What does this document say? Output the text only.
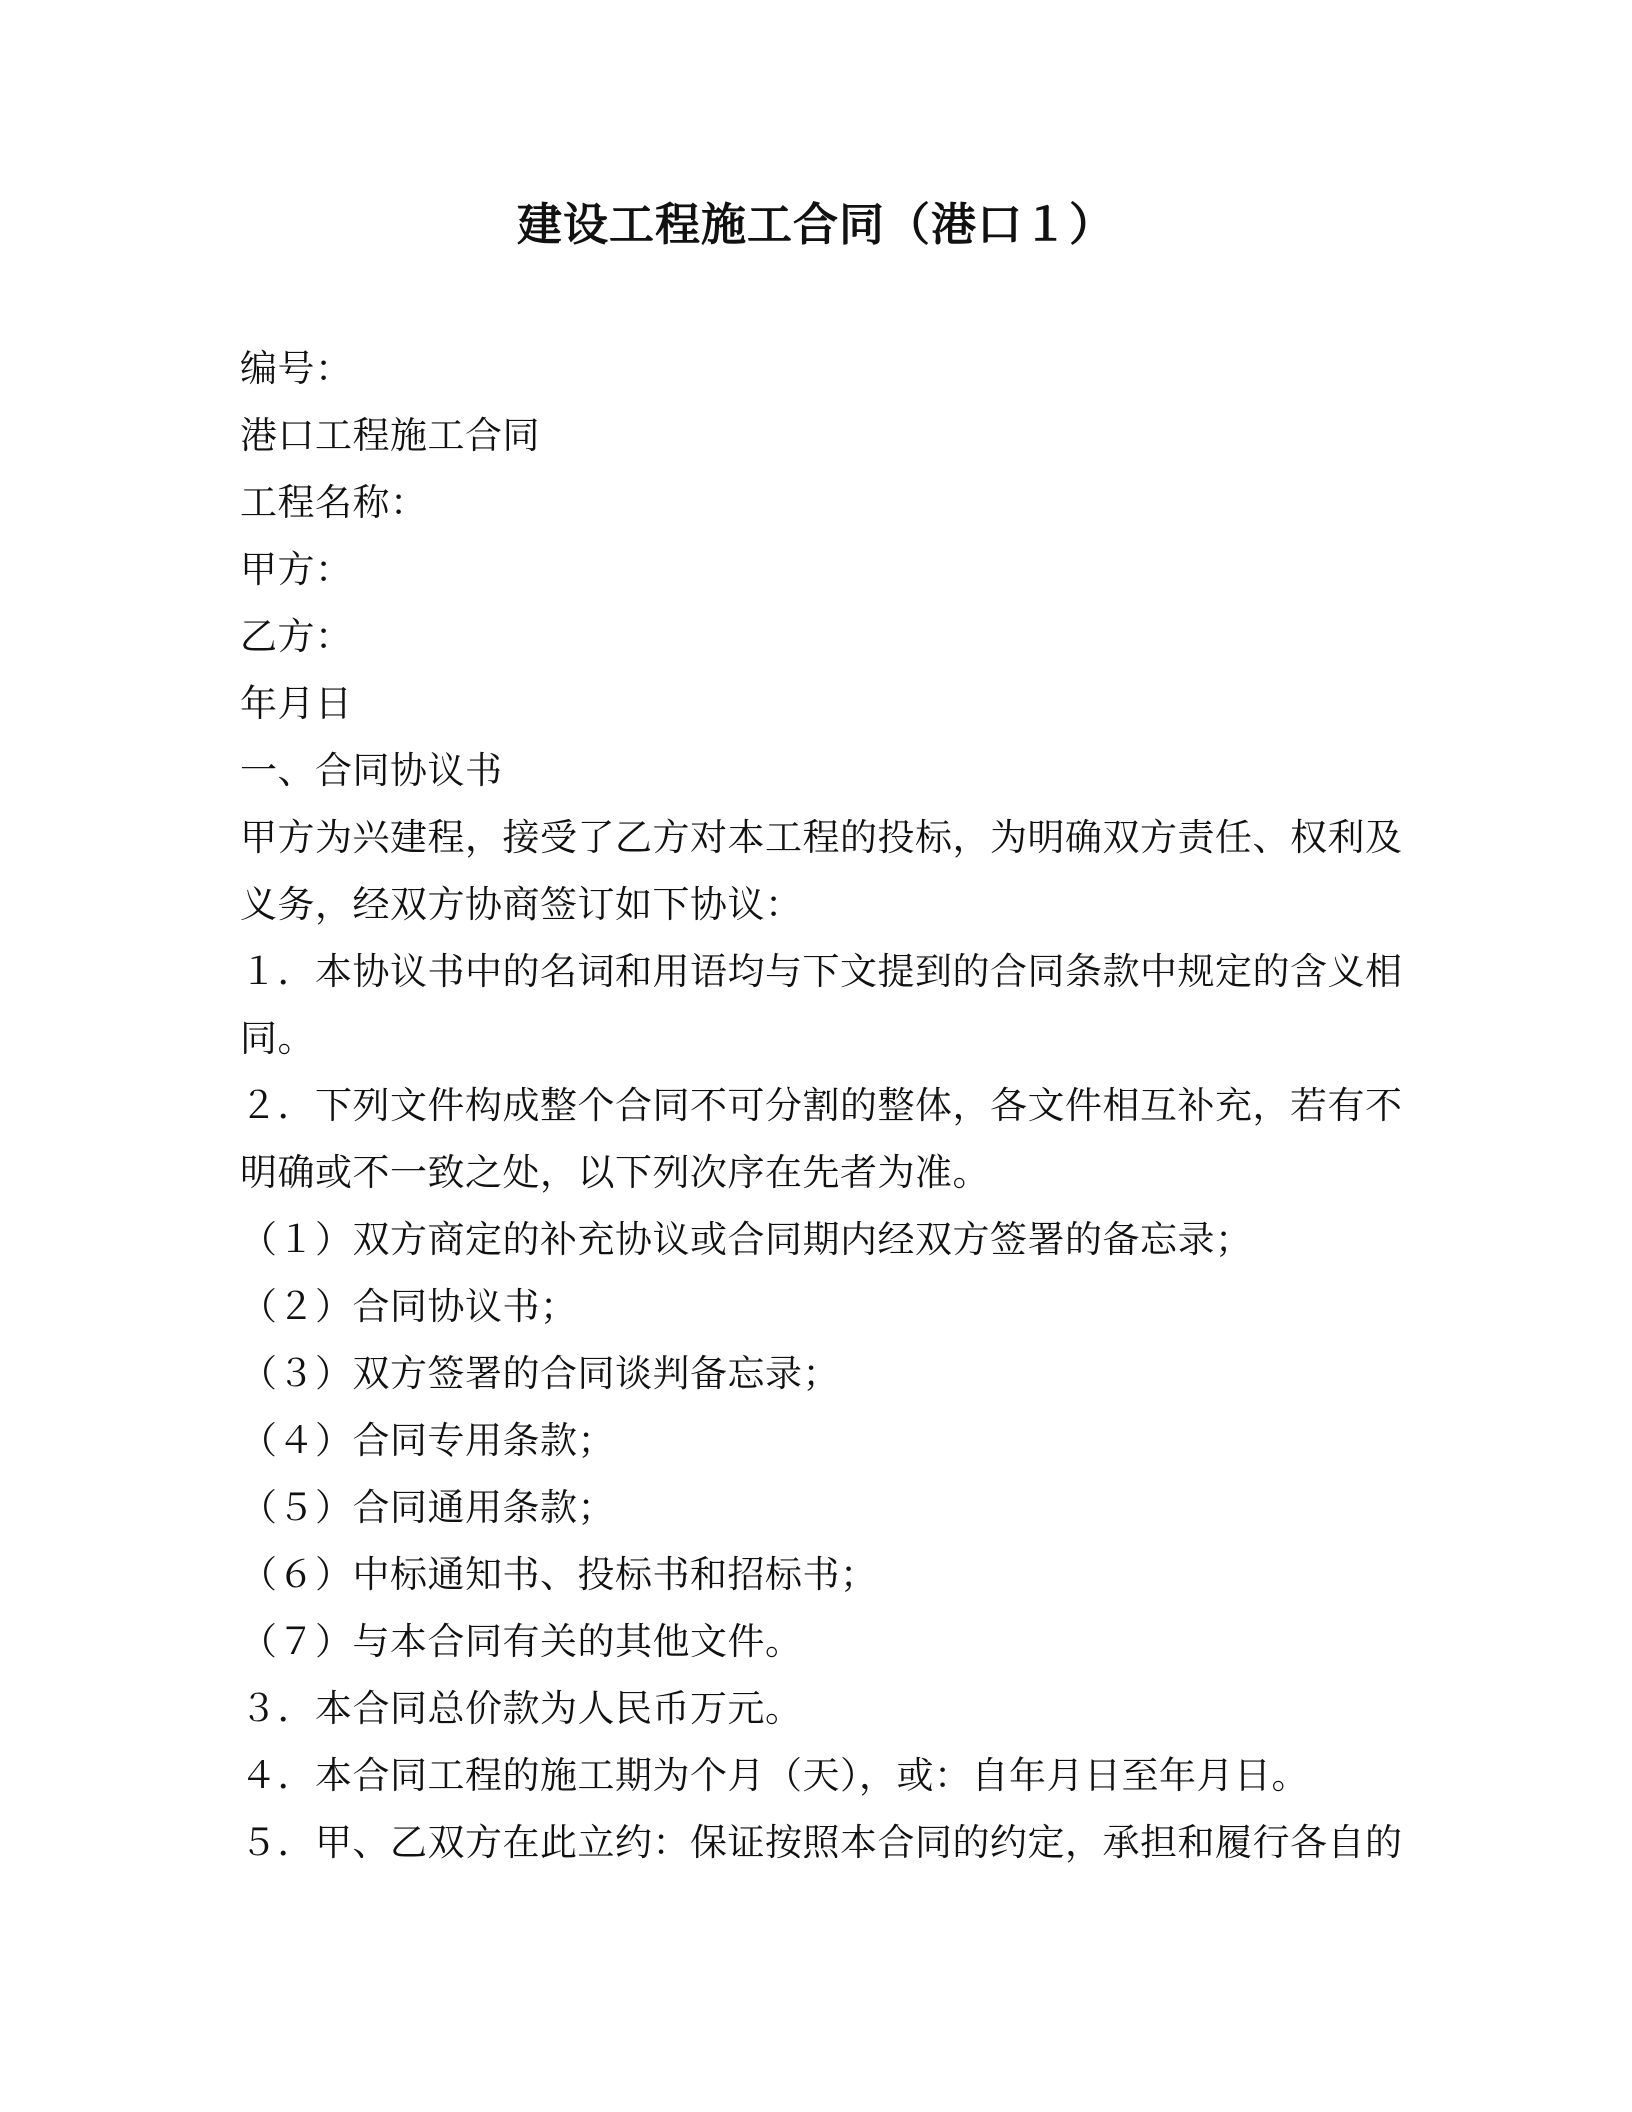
建设工程施工合同（港口１）

编号：

港口工程施工合同

工程名称：

甲方：

乙方：

年月日

一、合同协议书

甲方为兴建程，接受了乙方对本工程的投标，为明确双方责任、权利及

义务，经双方协商签订如下协议：

１．本协议书中的名词和用语均与下文提到的合同条款中规定的含义相

同。

２．下列文件构成整个合同不可分割的整体，各文件相互补充，若有不

明确或不一致之处，以下列次序在先者为准。

（１）双方商定的补充协议或合同期内经双方签署的备忘录；

（２）合同协议书；

（３）双方签署的合同谈判备忘录；

（４）合同专用条款；

（５）合同通用条款；

（６）中标通知书、投标书和招标书；

（７）与本合同有关的其他文件。

３．本合同总价款为人民币万元。

４．本合同工程的施工期为个月（天），或：自年月日至年月日。

５．甲、乙双方在此立约：保证按照本合同的约定，承担和履行各自的
